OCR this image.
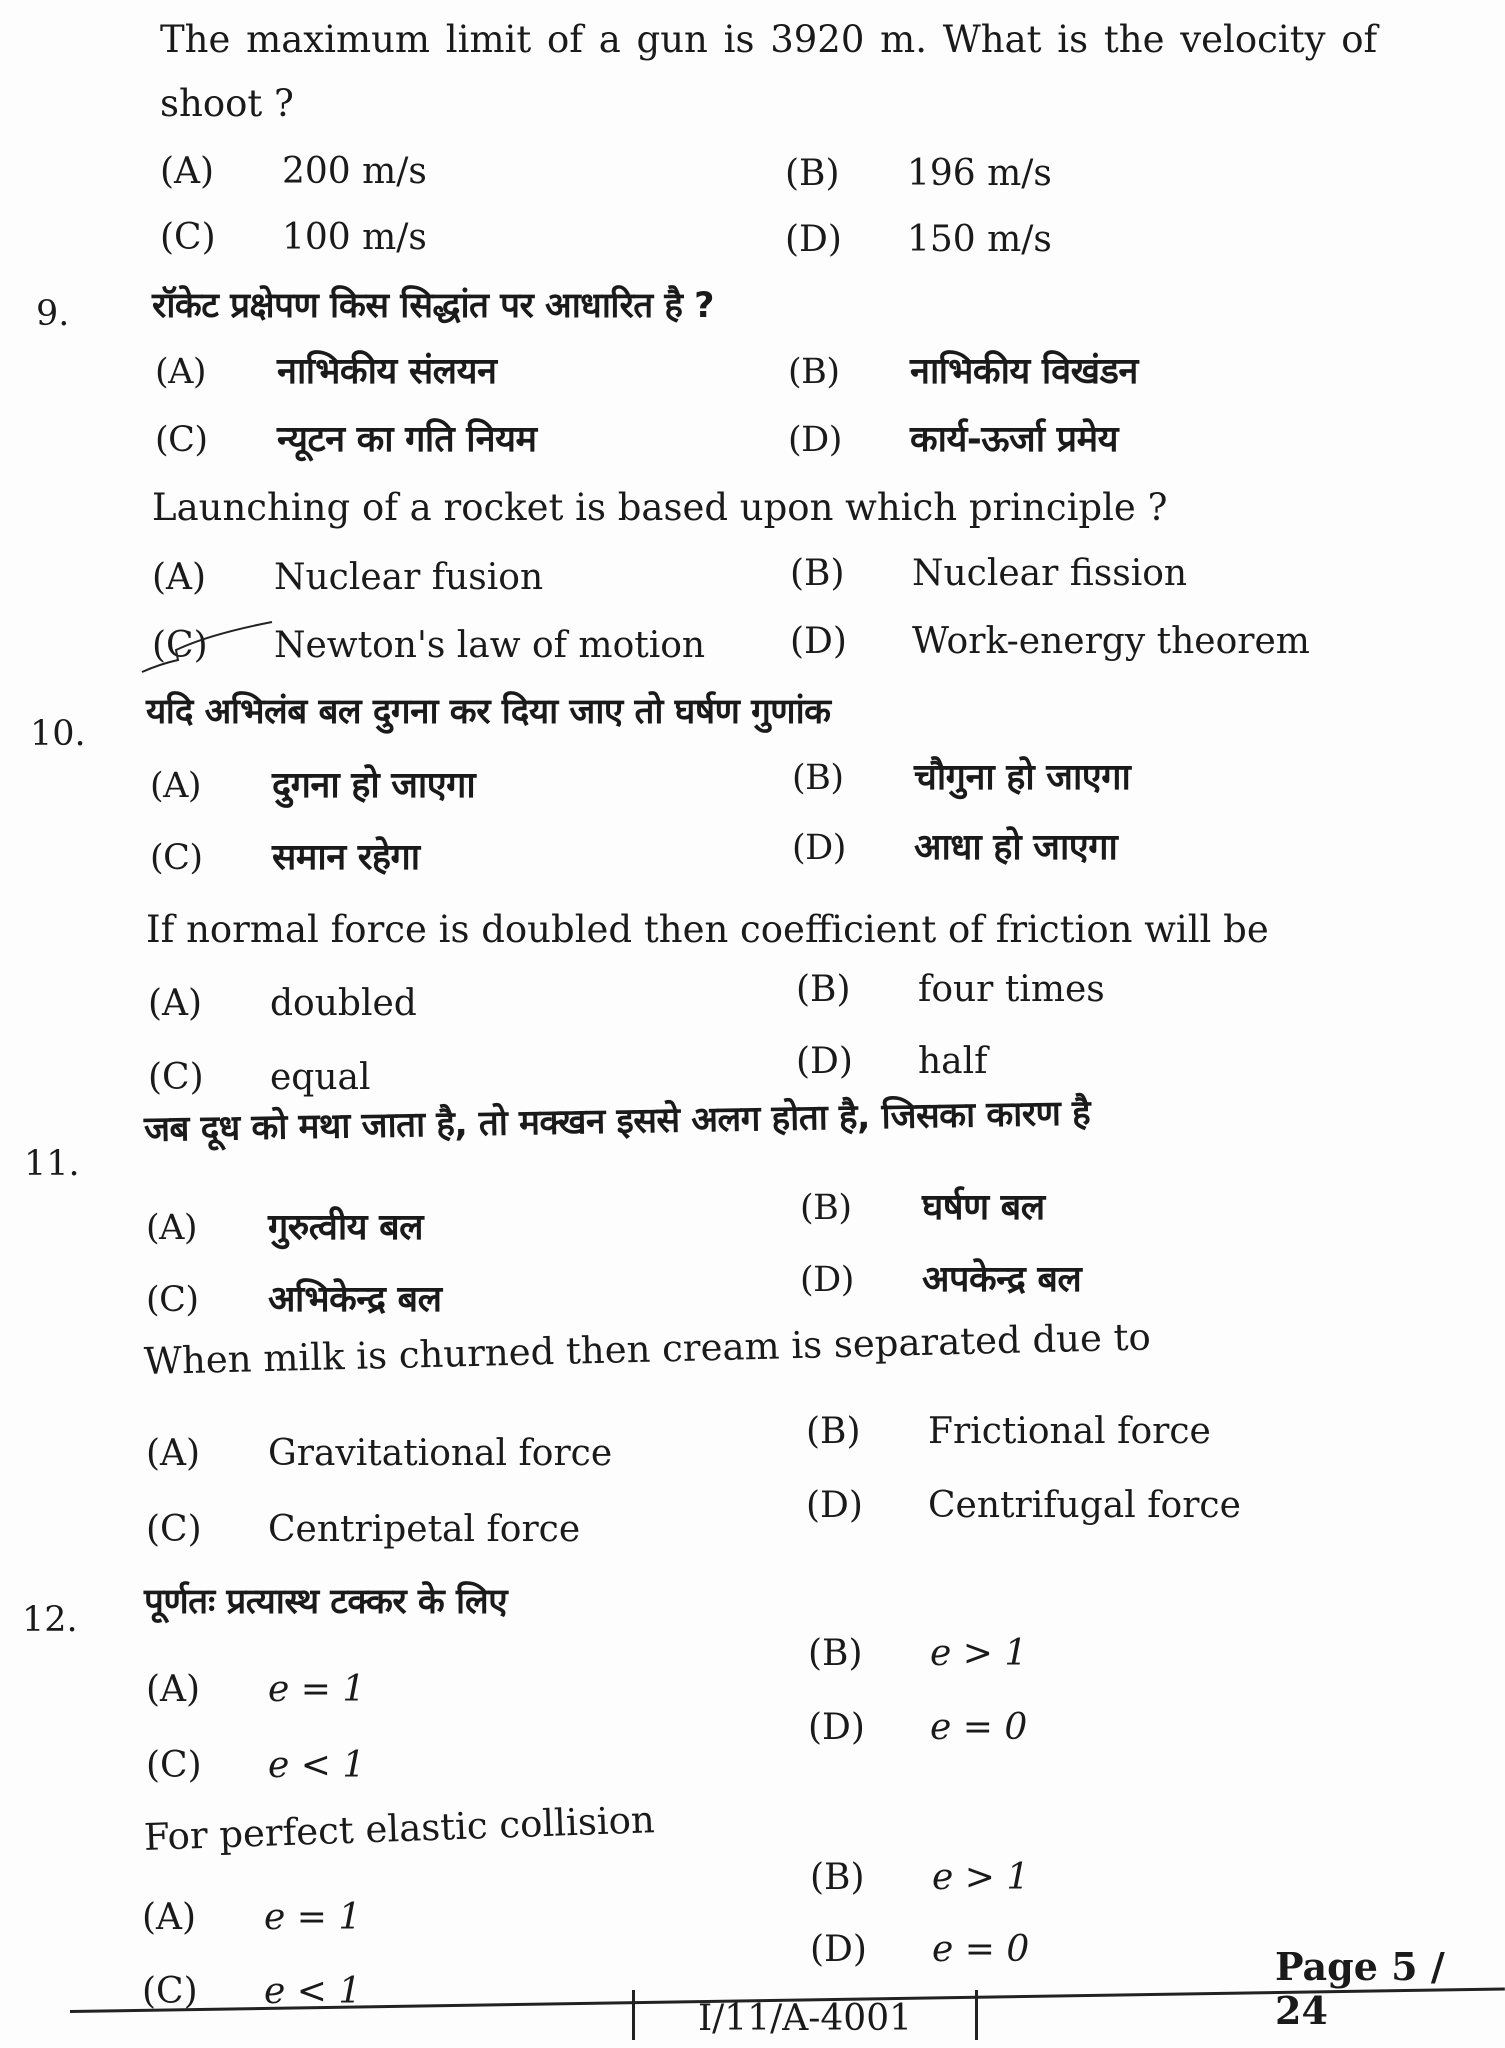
The maximum limit of a gun is 3920 m. What is the velocity of
shoot ?
(A) 200 m/s	(B) 196 m/s
(C) 100 m/s	(D) 150 m/s
9. रॉकेट प्रक्षेपण किस सिद्धांत पर आधारित है ?
(A) नाभिकीय संलयन	(B) नाभिकीय विखंडन
(C) न्यूटन का गति नियम	(D) कार्य-ऊर्जा प्रमेय
Launching of a rocket is based upon which principle ?
(A) Nuclear fusion	(B) Nuclear fission
(C) Newton's law of motion (D) Work-energy theorem
10.
यदि अभिलंब बल दुगना कर दिया जाए तो घर्षण गुणांक
(A) दुगना हो जाएगा	(B) चौगुना हो जाएगा
(C) समान रहेगा	(D) आधा हो जाएगा
If normal force is doubled then coefficient of friction will be
(A) doubled	(B) four times
(C) equal	(D) half
11.
जब दूध को मथा जाता है, तो मक्खन इससे अलग होता है, जिसका कारण है
(A) गुरुत्वीय बल	(B) घर्षण बल
(C) अभिकेन्द्र बल	(D) अपकेन्द्र बल
When milk is churned then cream is separated due to
(A) Gravitational force
(B) Frictional force
(C) Centripetal force
(D) Centrifugal force
12. पूर्णतः प्रत्यास्थ टक्कर के लिए
(A) e = 1
(B) e > 1
(C) e < 1
(D) e = 0
For perfect elastic collision
(A) e = 1
(B) e > 1
(C) e < 1
(D) e = 0
I/11/A-4001
Page 5 / 24
